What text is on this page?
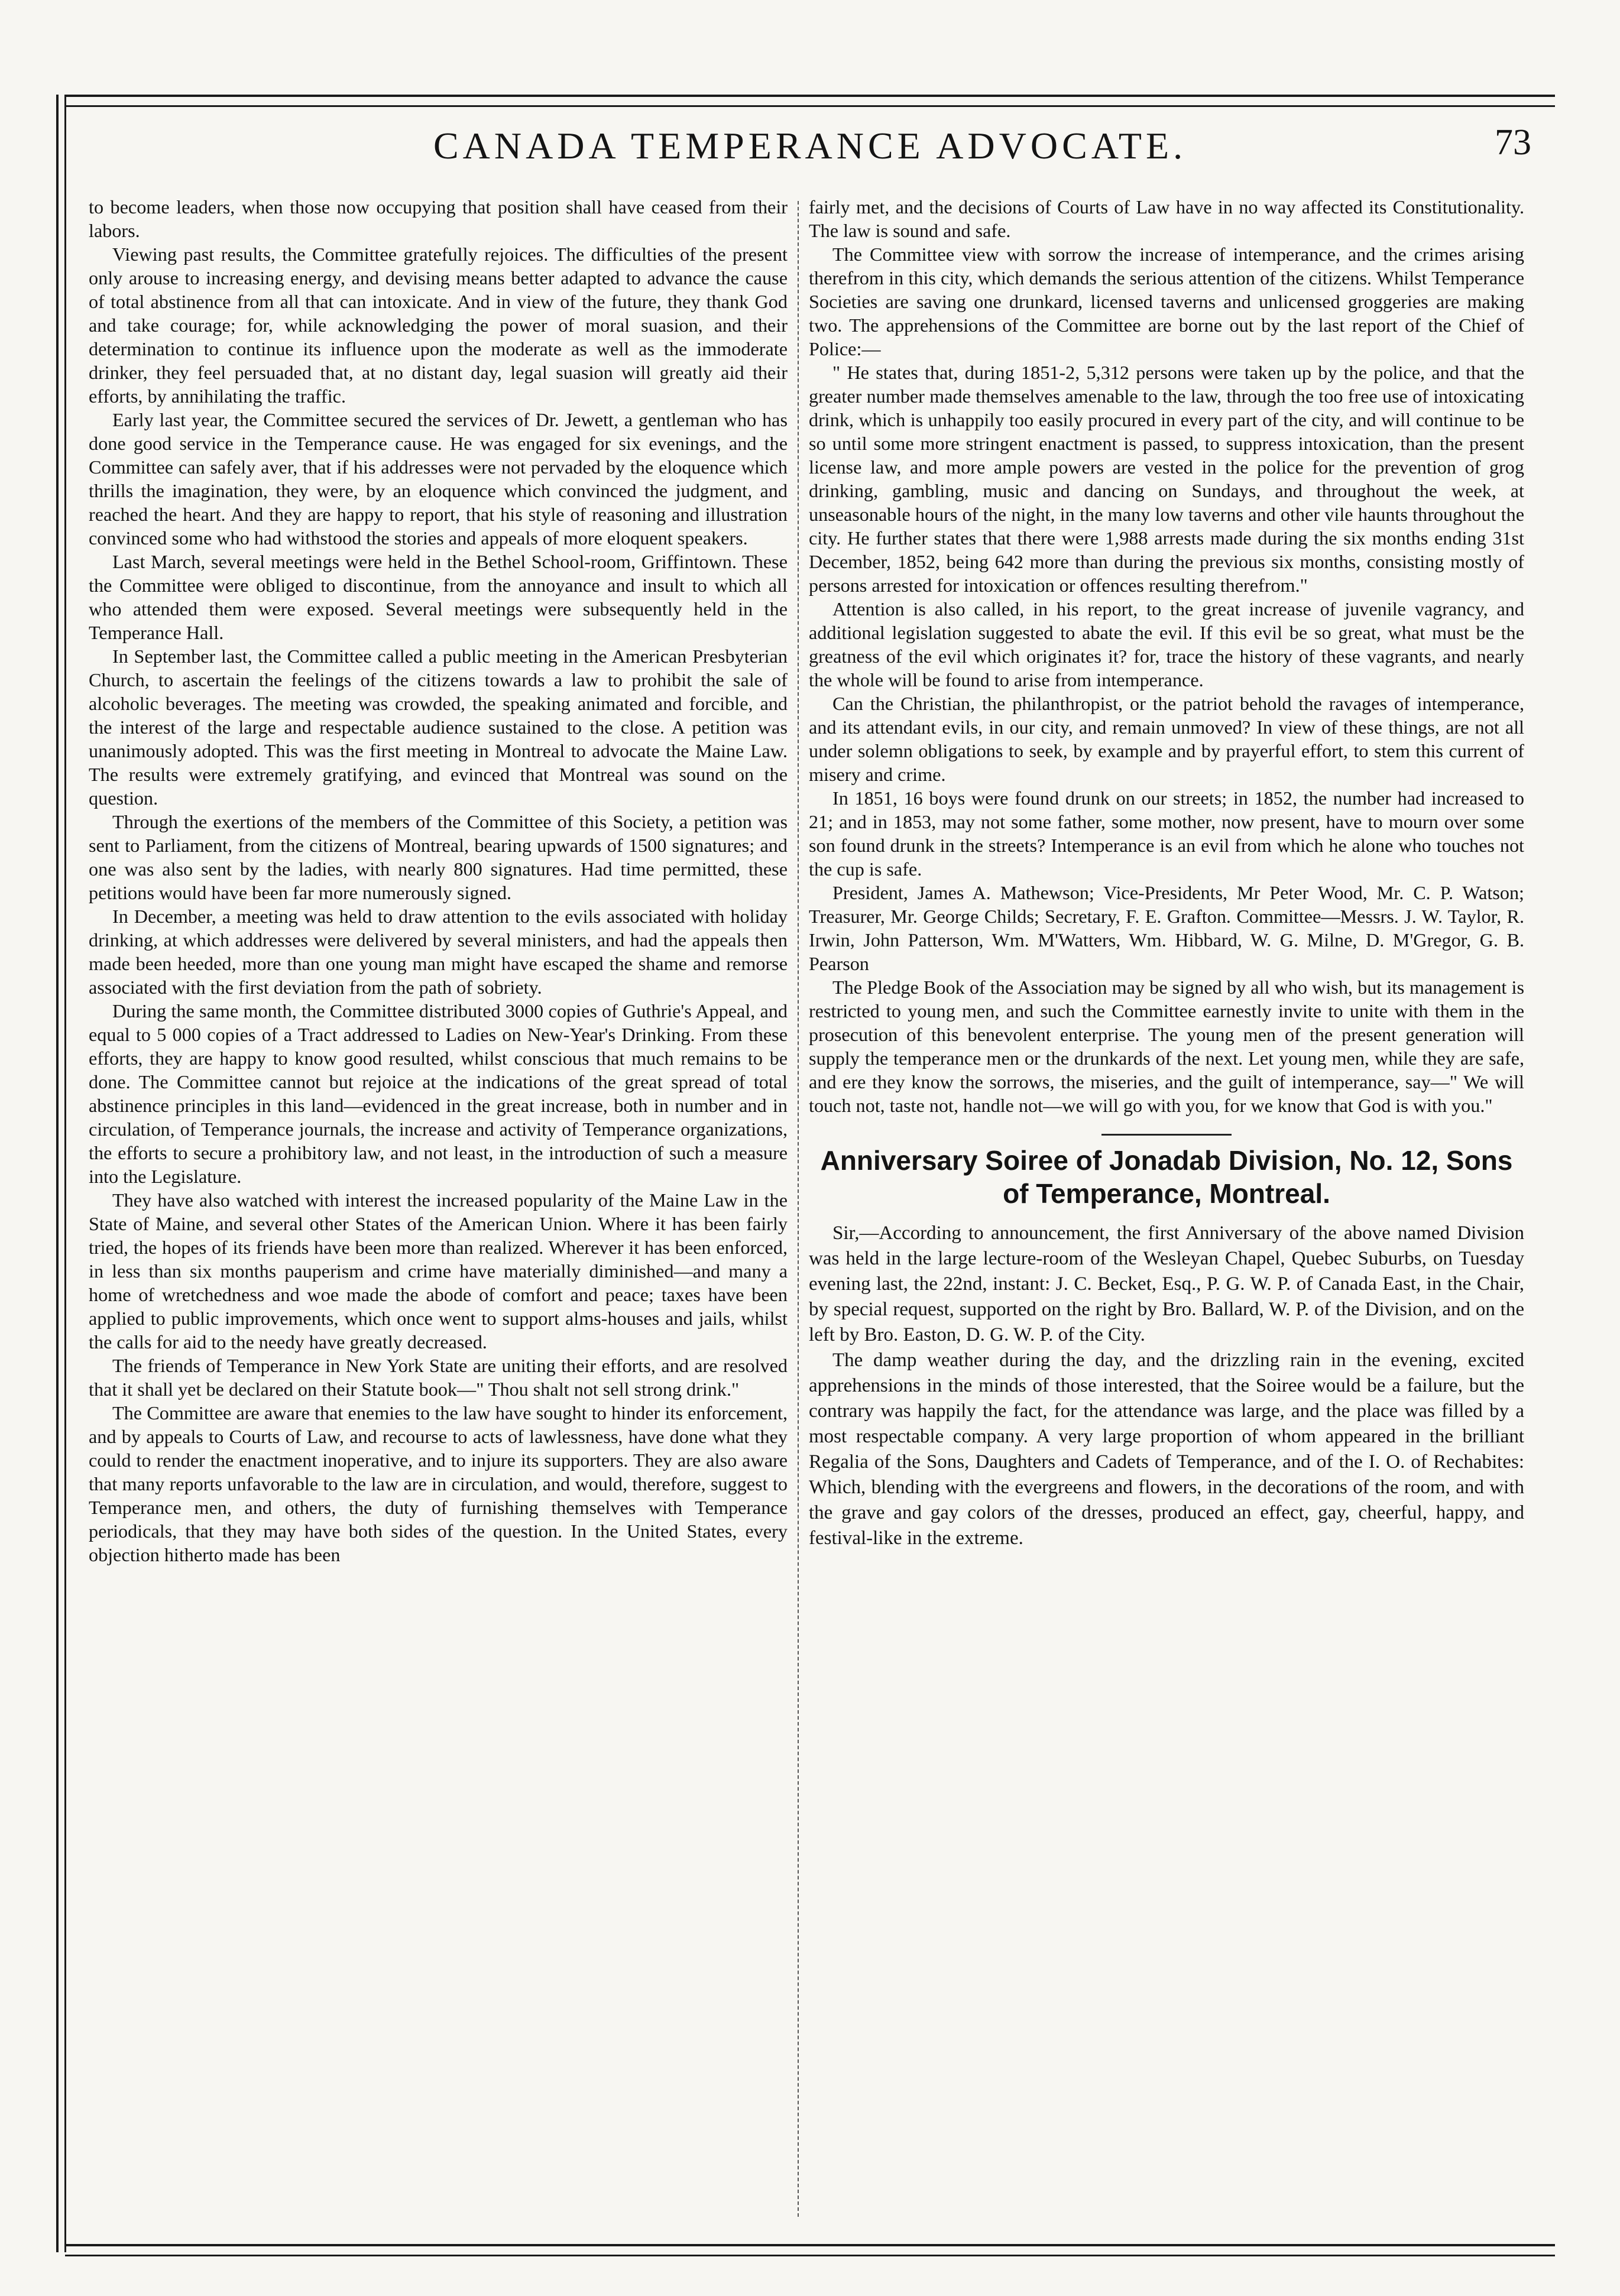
CANADA TEMPERANCE ADVOCATE.	73

to become leaders, when those now occupying that position shall have ceased from their labors.

Viewing past results, the Committee gratefully rejoices. The difficulties of the present only arouse to increasing energy, and devising means better adapted to advance the cause of total abstinence from all that can intoxicate. And in view of the future, they thank God and take courage; for, while acknowledging the power of moral suasion, and their determination to continue its influence upon the moderate as well as the immoderate drinker, they feel persuaded that, at no distant day, legal suasion will greatly aid their efforts, by annihilating the traffic.

Early last year, the Committee secured the services of Dr. Jewett, a gentleman who has done good service in the Temperance cause. He was engaged for six evenings, and the Committee can safely aver, that if his addresses were not pervaded by the eloquence which thrills the imagination, they were, by an eloquence which convinced the judgment, and reached the heart. And they are happy to report, that his style of reasoning and illustration convinced some who had withstood the stories and appeals of more eloquent speakers.

Last March, several meetings were held in the Bethel School-room, Griffintown. These the Committee were obliged to discontinue, from the annoyance and insult to which all who attended them were exposed. Several meetings were subsequently held in the Temperance Hall.

In September last, the Committee called a public meeting in the American Presbyterian Church, to ascertain the feelings of the citizens towards a law to prohibit the sale of alcoholic beverages. The meeting was crowded, the speaking animated and forcible, and the interest of the large and respectable audience sustained to the close. A petition was unanimously adopted. This was the first meeting in Montreal to advocate the Maine Law. The results were extremely gratifying, and evinced that Montreal was sound on the question.

Through the exertions of the members of the Committee of this Society, a petition was sent to Parliament, from the citizens of Montreal, bearing upwards of 1500 signatures; and one was also sent by the ladies, with nearly 800 signatures. Had time permitted, these petitions would have been far more numerously signed.

In December, a meeting was held to draw attention to the evils associated with holiday drinking, at which addresses were delivered by several ministers, and had the appeals then made been heeded, more than one young man might have escaped the shame and remorse associated with the first deviation from the path of sobriety.

During the same month, the Committee distributed 3000 copies of Guthrie's Appeal, and equal to 5 000 copies of a Tract addressed to Ladies on New-Year's Drinking. From these efforts, they are happy to know good resulted, whilst conscious that much remains to be done. The Committee cannot but rejoice at the indications of the great spread of total abstinence principles in this land—evidenced in the great increase, both in number and in circulation, of Temperance journals, the increase and activity of Temperance organizations, the efforts to secure a prohibitory law, and not least, in the introduction of such a measure into the Legislature.

They have also watched with interest the increased popularity of the Maine Law in the State of Maine, and several other States of the American Union. Where it has been fairly tried, the hopes of its friends have been more than realized. Wherever it has been enforced, in less than six months pauperism and crime have materially diminished—and many a home of wretchedness and woe made the abode of comfort and peace; taxes have been applied to public improvements, which once went to support alms-houses and jails, whilst the calls for aid to the needy have greatly decreased.

The friends of Temperance in New York State are uniting their efforts, and are resolved that it shall yet be declared on their Statute book—" Thou shalt not sell strong drink."

The Committee are aware that enemies to the law have sought to hinder its enforcement, and by appeals to Courts of Law, and recourse to acts of lawlessness, have done what they could to render the enactment inoperative, and to injure its supporters. They are also aware that many reports unfavorable to the law are in circulation, and would, therefore, suggest to Temperance men, and others, the duty of furnishing themselves with Temperance periodicals, that they may have both sides of the question. In the United States, every objection hitherto made has been

fairly met, and the decisions of Courts of Law have in no way affected its Constitutionality. The law is sound and safe.

The Committee view with sorrow the increase of intemperance, and the crimes arising therefrom in this city, which demands the serious attention of the citizens. Whilst Temperance Societies are saving one drunkard, licensed taverns and unlicensed groggeries are making two. The apprehensions of the Committee are borne out by the last report of the Chief of Police:—

" He states that, during 1851-2, 5,312 persons were taken up by the police, and that the greater number made themselves amenable to the law, through the too free use of intoxicating drink, which is unhappily too easily procured in every part of the city, and will continue to be so until some more stringent enactment is passed, to suppress intoxication, than the present license law, and more ample powers are vested in the police for the prevention of grog drinking, gambling, music and dancing on Sundays, and throughout the week, at unseasonable hours of the night, in the many low taverns and other vile haunts throughout the city. He further states that there were 1,988 arrests made during the six months ending 31st December, 1852, being 642 more than during the previous six months, consisting mostly of persons arrested for intoxication or offences resulting therefrom."

Attention is also called, in his report, to the great increase of juvenile vagrancy, and additional legislation suggested to abate the evil. If this evil be so great, what must be the greatness of the evil which originates it? for, trace the history of these vagrants, and nearly the whole will be found to arise from intemperance.

Can the Christian, the philanthropist, or the patriot behold the ravages of intemperance, and its attendant evils, in our city, and remain unmoved? In view of these things, are not all under solemn obligations to seek, by example and by prayerful effort, to stem this current of misery and crime.

In 1851, 16 boys were found drunk on our streets; in 1852, the number had increased to 21; and in 1853, may not some father, some mother, now present, have to mourn over some son found drunk in the streets? Intemperance is an evil from which he alone who touches not the cup is safe.

President, James A. Mathewson; Vice-Presidents, Mr Peter Wood, Mr. C. P. Watson; Treasurer, Mr. George Childs; Secretary, F. E. Grafton. Committee—Messrs. J. W. Taylor, R. Irwin, John Patterson, Wm. M'Watters, Wm. Hibbard, W. G. Milne, D. M'Gregor, G. B. Pearson

The Pledge Book of the Association may be signed by all who wish, but its management is restricted to young men, and such the Committee earnestly invite to unite with them in the prosecution of this benevolent enterprise. The young men of the present generation will supply the temperance men or the drunkards of the next. Let young men, while they are safe, and ere they know the sorrows, the miseries, and the guilt of intemperance, say—" We will touch not, taste not, handle not—we will go with you, for we know that God is with you."

Anniversary Soiree of Jonadab Division, No. 12, Sons of Temperance, Montreal.

Sir,—According to announcement, the first Anniversary of the above named Division was held in the large lecture-room of the Wesleyan Chapel, Quebec Suburbs, on Tuesday evening last, the 22nd, instant: J. C. Becket, Esq., P. G. W. P. of Canada East, in the Chair, by special request, supported on the right by Bro. Ballard, W. P. of the Division, and on the left by Bro. Easton, D. G. W. P. of the City.

The damp weather during the day, and the drizzling rain in the evening, excited apprehensions in the minds of those interested, that the Soiree would be a failure, but the contrary was happily the fact, for the attendance was large, and the place was filled by a most respectable company. A very large proportion of whom appeared in the brilliant Regalia of the Sons, Daughters and Cadets of Temperance, and of the I. O. of Rechabites: Which, blending with the evergreens and flowers, in the decorations of the room, and with the grave and gay colors of the dresses, produced an effect, gay, cheerful, happy, and festival-like in the extreme.
